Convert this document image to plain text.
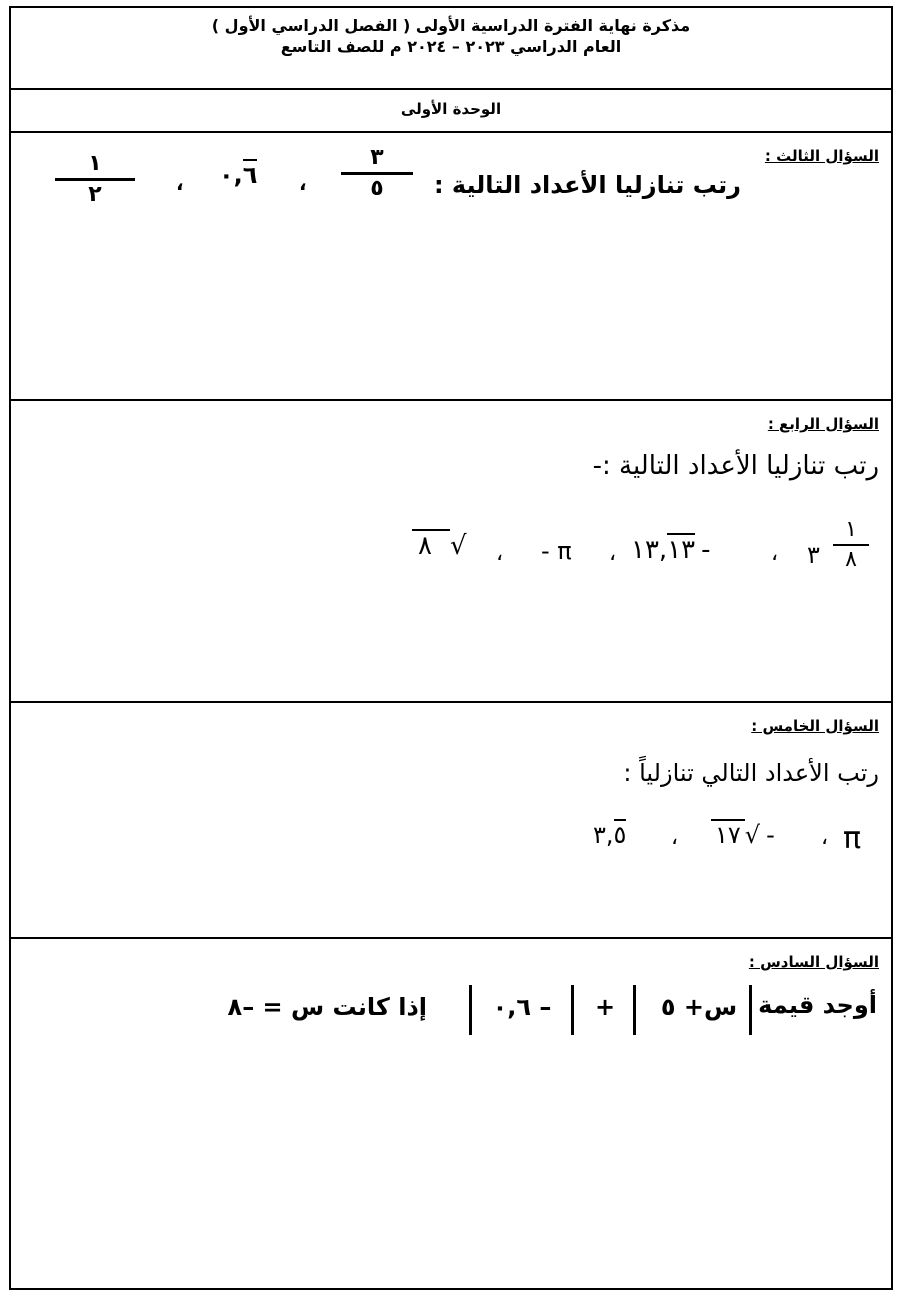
مذكرة نهاية الفترة الدراسية الأولى ( الفصل الدراسي الأول )
العام الدراسي ٢٠٢٣ – ٢٠٢٤ م للصف التاسع
الوحدة الأولى
السؤال الثالث :
رتب تنازليا الأعداد التالية :
٣
٥
،
٠,٦
،
١
٢
السؤال الرابع :
رتب تنازليا الأعداد التالية :-
١
٨
٣
،
١٣,١٣ -
،
- π
،
٨ √
السؤال الخامس :
رتب الأعداد التالي تنازلياً :
π
،
١٧ √ -
،
٣,٥
السؤال السادس :
أوجد قيمة
س+ ٥
+
– ٠,٦
إذا كانت س = –٨
